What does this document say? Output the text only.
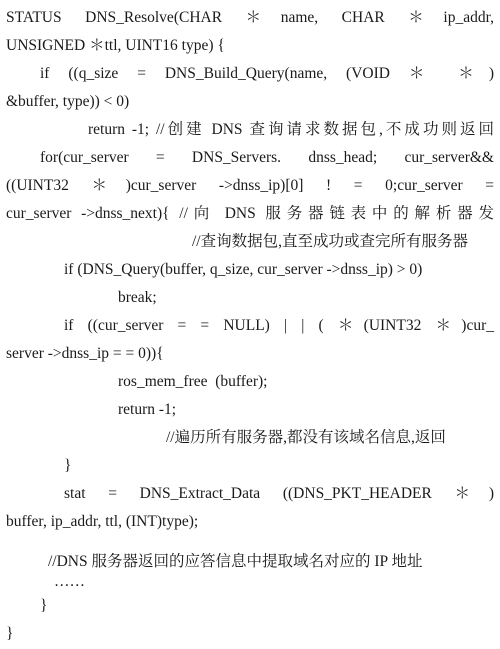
STATUS DNS_Resolve(CHAR ＊name, CHAR ＊ip_addr,
UNSIGNED ＊ttl, UINT16 type) {
if ((q_size = DNS_Build_Query(name, (VOID ＊ ＊)
&buffer, type)) < 0)
return -1; //创建 DNS 查询请求数据包,不成功则返回
for(cur_server = DNS_Servers. dnss_head; cur_server&&
((UINT32 ＊)cur_server ->dnss_ip)[0] ! = 0;cur_server =
cur_server ->dnss_next){ //向 DNS 服务器链表中的解析器发
//查询数据包,直至成功或查完所有服务器
if (DNS_Query(buffer, q_size, cur_server ->dnss_ip) > 0)
break;
if ((cur_server = = NULL) | | ( ＊(UINT32 ＊)cur_
server ->dnss_ip = = 0)){
ros_mem_free  (buffer);
return -1;
//遍历所有服务器,都没有该域名信息,返回
}
stat = DNS_Extract_Data ((DNS_PKT_HEADER ＊)
buffer, ip_addr, ttl, (INT)type);
//DNS 服务器返回的应答信息中提取域名对应的 IP 地址
……
}
}
